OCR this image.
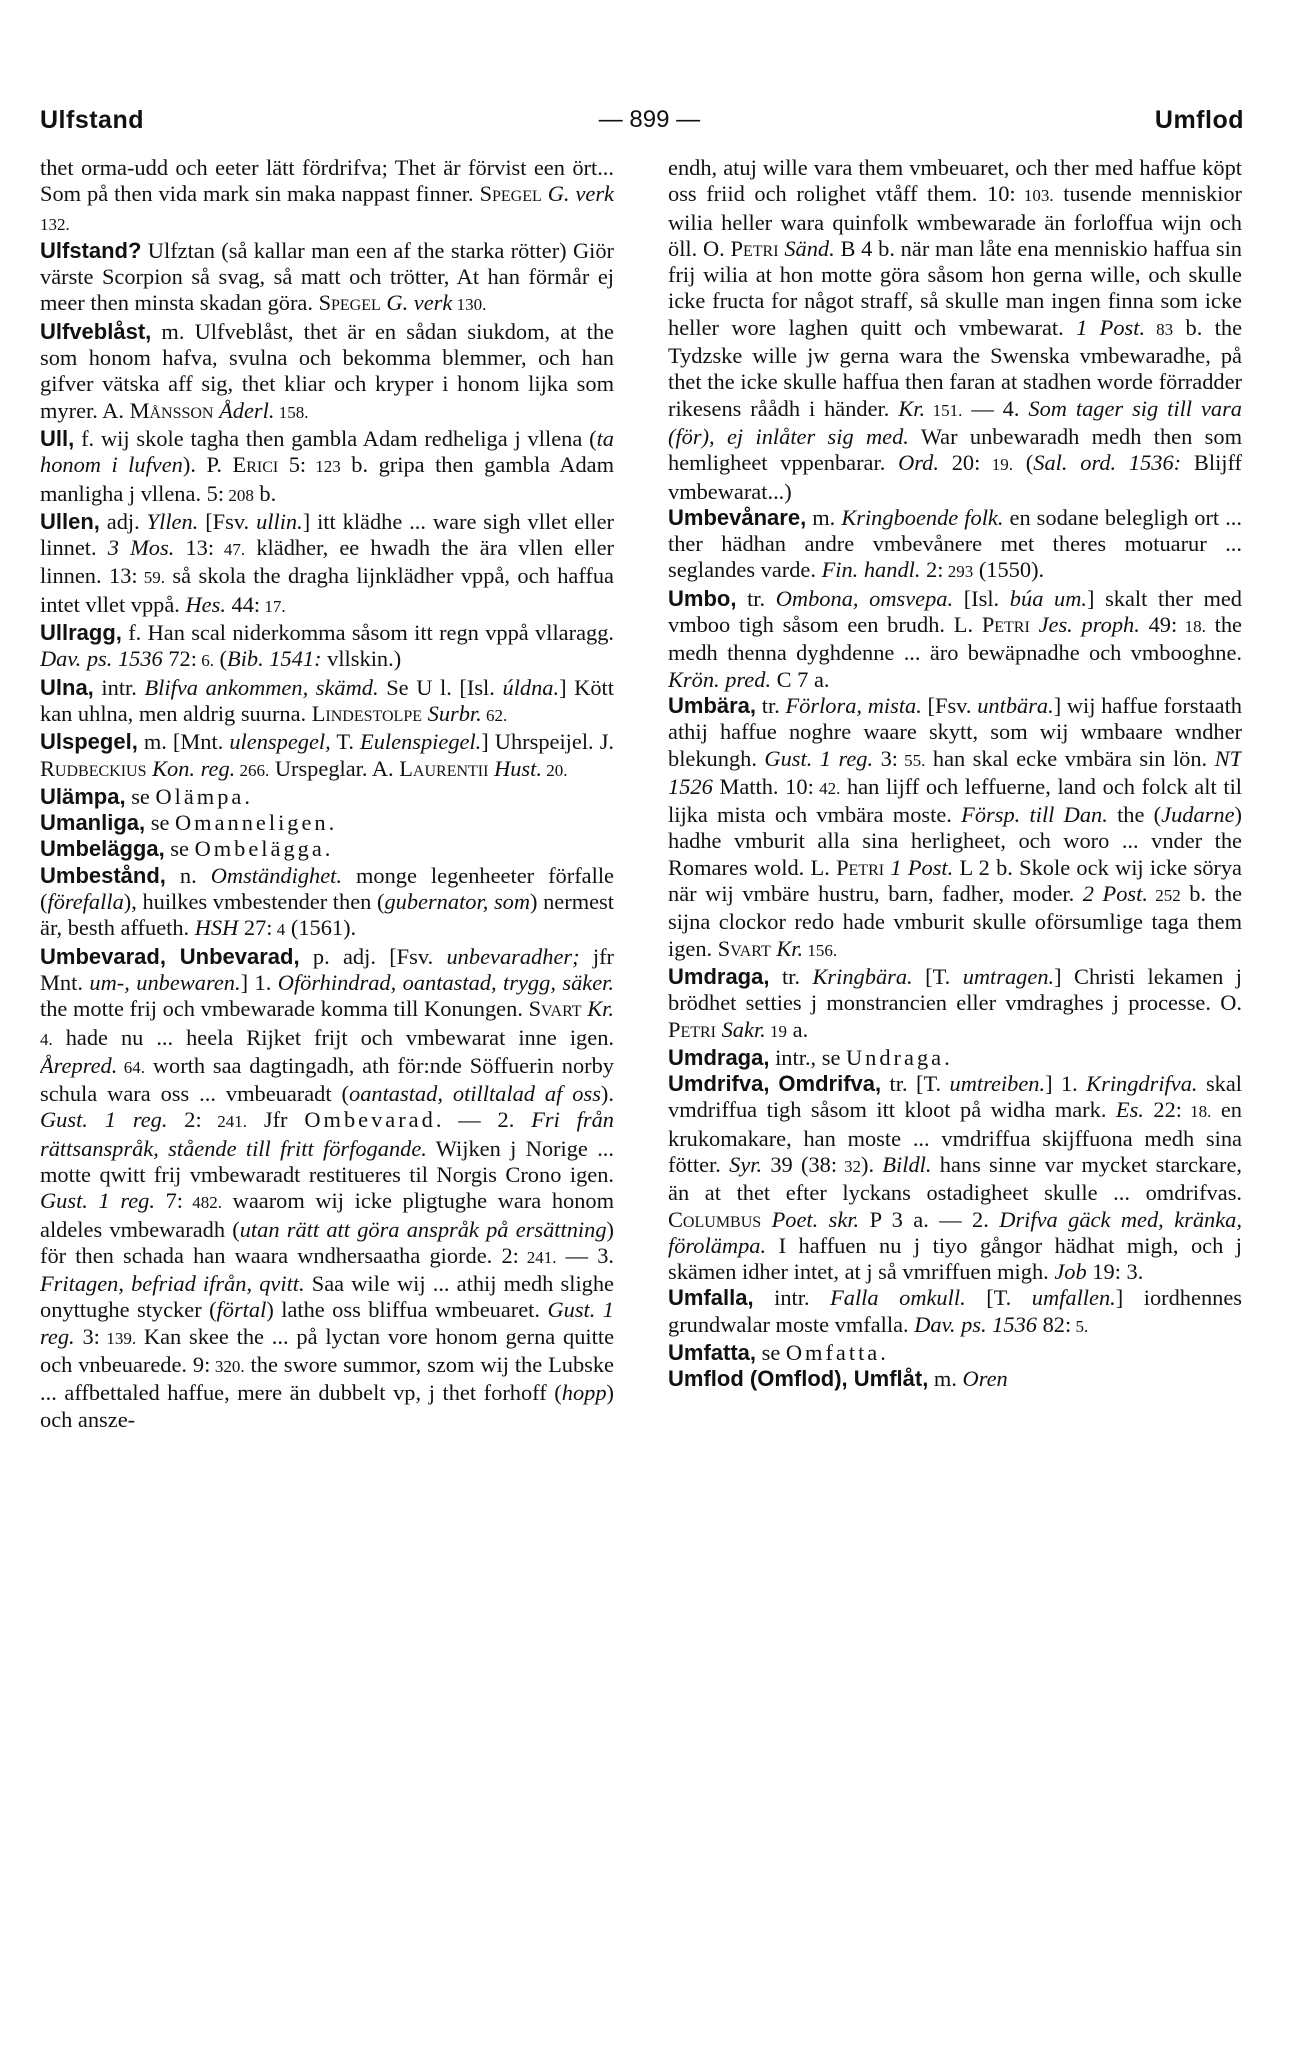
Ulfstand	— 899 —	Umflod

thet orma-udd och eeter lätt fördrifva; Thet är förvist een ört... Som på then vida mark sin maka nappast finner. Spegel G. verk 132.

Ulfstand? Ulfztan (så kallar man een af the starka rötter) Giör värste Scorpion så svag, så matt och trötter, At han förmår ej meer then minsta skadan göra. Spegel G. verk 130.

Ulfveblåst, m. Ulfveblåst, thet är en sådan siukdom, at the som honom hafva, svulna och bekomma blemmer, och han gifver vätska aff sig, thet kliar och kryper i honom lijka som myrer. A. Månsson Åderl. 158.

Ull, f. wij skole tagha then gambla Adam redheliga j vllena (ta honom i lufven). P. Erici 5: 123 b. gripa then gambla Adam manligha j vllena. 5: 208 b.

Ullen, adj. Yllen. [Fsv. ullin.] itt klädhe ... ware sigh vllet eller linnet. 3 Mos. 13: 47. klädher, ee hwadh the ära vllen eller linnen. 13: 59. så skola the dragha lijnklädher vppå, och haffua intet vllet vppå. Hes. 44: 17.

Ullragg, f. Han scal niderkomma såsom itt regn vppå vllaragg. Dav. ps. 1536 72: 6. (Bib. 1541: vllskin.)

Ulna, intr. Blifva ankommen, skämd. Se U l. [Isl. úldna.] Kött kan uhlna, men aldrig suurna. Lindestolpe Surbr. 62.

Ulspegel, m. [Mnt. ulenspegel, T. Eulenspiegel.] Uhrspeijel. J. Rudbeckius Kon. reg. 266. Urspeglar. A. Laurentii Hust. 20.

Ulämpa, se Olämpa.

Umanliga, se Omanneligen.

Umbelägga, se Ombelägga.

Umbestånd, n. Omständighet. monge legenheeter förfalle (förefalla), huilkes vmbestender then (gubernator, som) nermest är, besth affueth. HSH 27: 4 (1561).

Umbevarad, Unbevarad, p. adj. [Fsv. unbevaradher; jfr Mnt. um-, unbewaren.] 1. Oförhindrad, oantastad, trygg, säker. the motte frij och vmbewarade komma till Konungen. Svart Kr. 4. hade nu ... heela Rijket frijt och vmbewarat inne igen. Årepred. 64. worth saa dagtingadh, ath för:nde Söffuerin norby schula wara oss ... vmbeuaradt (oantastad, otilltalad af oss). Gust. 1 reg. 2: 241. Jfr Ombevarad. — 2. Fri från rättsanspråk, stående till fritt förfogande. Wijken j Norige ... motte qwitt frij vmbewaradt restitueres til Norgis Crono igen. Gust. 1 reg. 7: 482. waarom wij icke pligtughe wara honom aldeles vmbewaradh (utan rätt att göra anspråk på ersättning) för then schada han waara wndhersaatha giorde. 2: 241. — 3. Fritagen, befriad ifrån, qvitt. Saa wile wij ... athij medh slighe onyttughe stycker (förtal) lathe oss bliffua wmbeuaret. Gust. 1 reg. 3: 139. Kan skee the ... på lyctan vore honom gerna quitte och vnbeuarede. 9: 320. the swore summor, szom wij the Lubske ... affbettaled haffue, mere än dubbelt vp, j thet forhoff (hopp) och ansze-

endh, atuj wille vara them vmbeuaret, och ther med haffue köpt oss friid och rolighet vtåff them. 10: 103. tusende menniskior wilia heller wara quinfolk wmbewarade än forloffua wijn och öll. O. Petri Sänd. B 4 b. när man låte ena menniskio haffua sin frij wilia at hon motte göra såsom hon gerna wille, och skulle icke fructa for något straff, så skulle man ingen finna som icke heller wore laghen quitt och vmbewarat. 1 Post. 83 b. the Tydzske wille jw gerna wara the Swenska vmbewaradhe, på thet the icke skulle haffua then faran at stadhen worde förradder rikesens råådh i händer. Kr. 151. — 4. Som tager sig till vara (för), ej inlåter sig med. War unbewaradh medh then som hemligheet vppenbarar. Ord. 20: 19. (Sal. ord. 1536: Blijff vmbewarat...)

Umbevånare, m. Kringboende folk. en sodane belegligh ort ... ther hädhan andre vmbevånere met theres motuarur ... seglandes varde. Fin. handl. 2: 293 (1550).

Umbo, tr. Ombona, omsvepa. [Isl. búa um.] skalt ther med vmboo tigh såsom een brudh. L. Petri Jes. proph. 49: 18. the medh thenna dyghdenne ... äro bewäpnadhe och vmbooghne. Krön. pred. C 7 a.

Umbära, tr. Förlora, mista. [Fsv. untbära.] wij haffue forstaath athij haffue noghre waare skytt, som wij wmbaare wndher blekungh. Gust. 1 reg. 3: 55. han skal ecke vmbära sin lön. NT 1526 Matth. 10: 42. han lijff och leffuerne, land och folck alt til lijka mista och vmbära moste. Försp. till Dan. the (Judarne) hadhe vmburit alla sina herligheet, och woro ... vnder the Romares wold. L. Petri 1 Post. L 2 b. Skole ock wij icke sörya när wij vmbäre hustru, barn, fadher, moder. 2 Post. 252 b. the sijna clockor redo hade vmburit skulle oförsumlige taga them igen. Svart Kr. 156.

Umdraga, tr. Kringbära. [T. umtragen.] Christi lekamen j brödhet setties j monstrancien eller vmdraghes j processe. O. Petri Sakr. 19 a.

Umdraga, intr., se Undraga.

Umdrifva, Omdrifva, tr. [T. umtreiben.] 1. Kringdrifva. skal vmdriffua tigh såsom itt kloot på widha mark. Es. 22: 18. en krukomakare, han moste ... vmdriffua skijffuona medh sina fötter. Syr. 39 (38: 32). Bildl. hans sinne var mycket starckare, än at thet efter lyckans ostadigheet skulle ... omdrifvas. Columbus Poet. skr. P 3 a. — 2. Drifva gäck med, kränka, förolämpa. I haffuen nu j tiyo gångor hädhat migh, och j skämen idher intet, at j så vmriffuen migh. Job 19: 3.

Umfalla, intr. Falla omkull. [T. umfallen.] iordhennes grundwalar moste vmfalla. Dav. ps. 1536 82: 5.

Umfatta, se Omfatta.

Umflod (Omflod), Umflåt, m. Oren
